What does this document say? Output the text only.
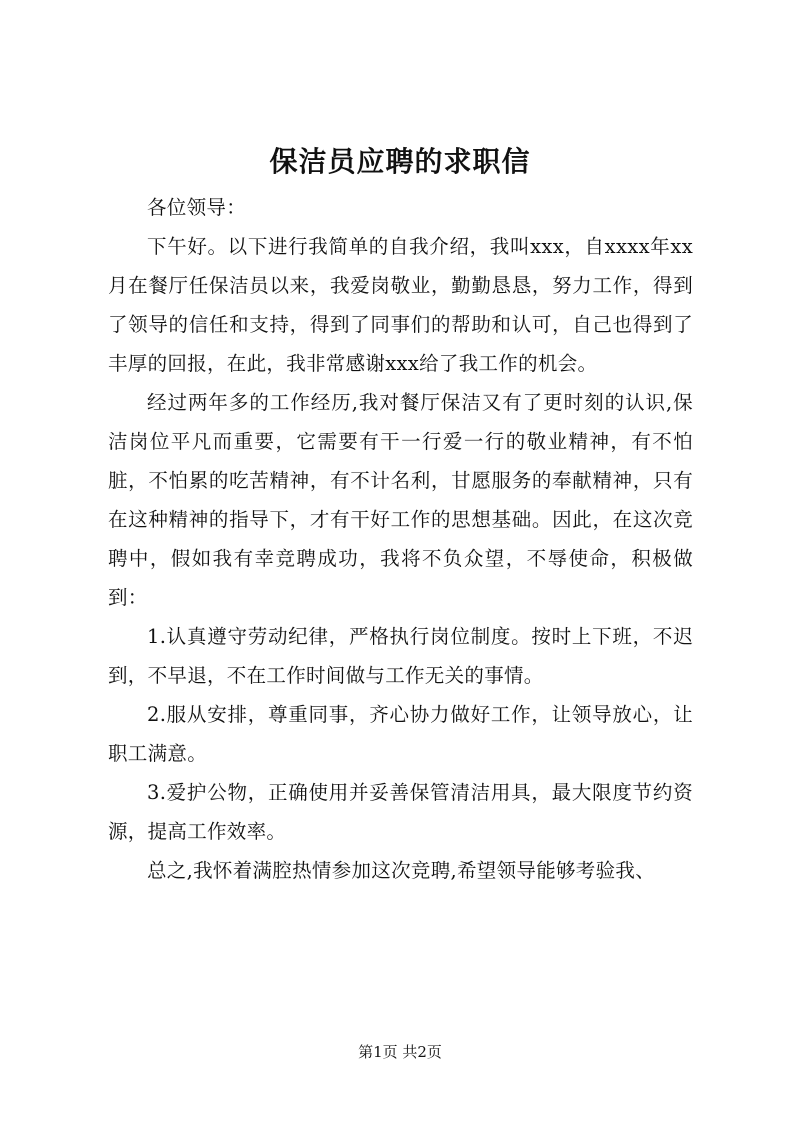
保洁员应聘的求职信

各位领导：

下午好。以下进行我简单的自我介绍，我叫xxx，自xxxx年xx月在餐厅任保洁员以来，我爱岗敬业，勤勤恳恳，努力工作，得到了领导的信任和支持，得到了同事们的帮助和认可，自己也得到了丰厚的回报，在此，我非常感谢xxx给了我工作的机会。

经过两年多的工作经历,我对餐厅保洁又有了更时刻的认识,保洁岗位平凡而重要，它需要有干一行爱一行的敬业精神，有不怕脏，不怕累的吃苦精神，有不计名利，甘愿服务的奉献精神，只有在这种精神的指导下，才有干好工作的思想基础。因此，在这次竞聘中，假如我有幸竞聘成功，我将不负众望，不辱使命，积极做到：

1.认真遵守劳动纪律，严格执行岗位制度。按时上下班，不迟到，不早退，不在工作时间做与工作无关的事情。

2.服从安排，尊重同事，齐心协力做好工作，让领导放心，让职工满意。

3.爱护公物，正确使用并妥善保管清洁用具，最大限度节约资源，提高工作效率。

总之,我怀着满腔热情参加这次竞聘,希望领导能够考验我、

第1页 共2页
